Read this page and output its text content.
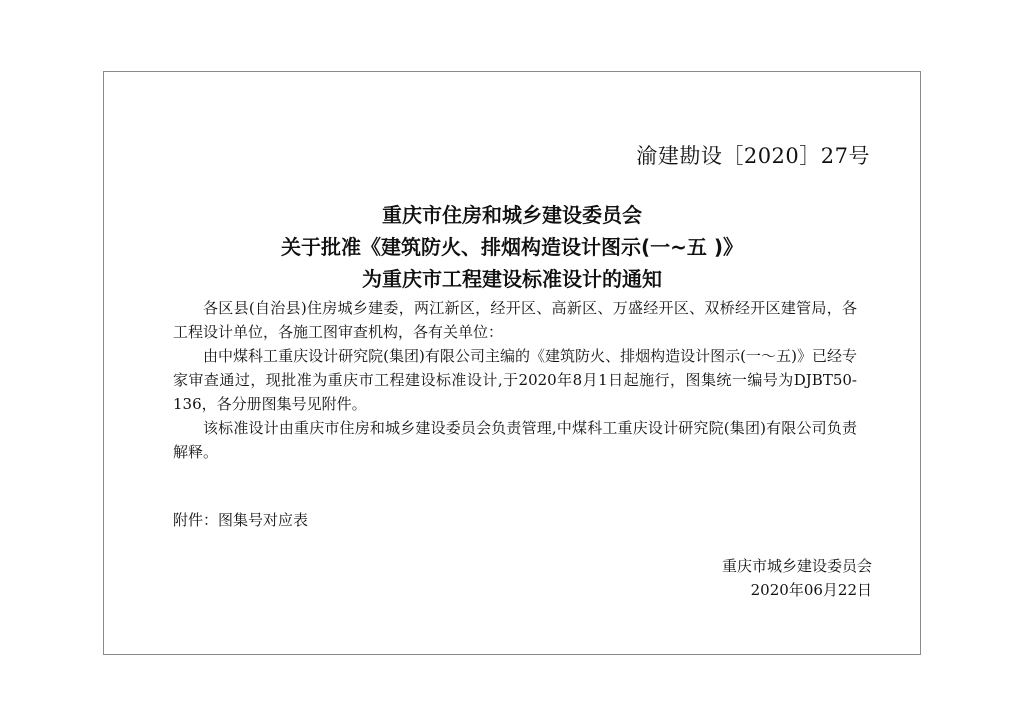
渝建勘设［2020］27号
重庆市住房和城乡建设委员会
关于批准《建筑防火、排烟构造设计图示(一~五 )》
为重庆市工程建设标准设计的通知

各区县(自治县)住房城乡建委，两江新区，经开区、高新区、万盛经开区、双桥经开区建管局，各工程设计单位，各施工图审查机构，各有关单位：

由中煤科工重庆设计研究院(集团)有限公司主编的《建筑防火、排烟构造设计图示(一～五)》已经专家审查通过，现批准为重庆市工程建设标准设计,于2020年8月1日起施行，图集统一编号为DJBT50-136，各分册图集号见附件。

该标准设计由重庆市住房和城乡建设委员会负责管理,中煤科工重庆设计研究院(集团)有限公司负责解释。

附件：图集号对应表
重庆市城乡建设委员会
2020年06月22日
